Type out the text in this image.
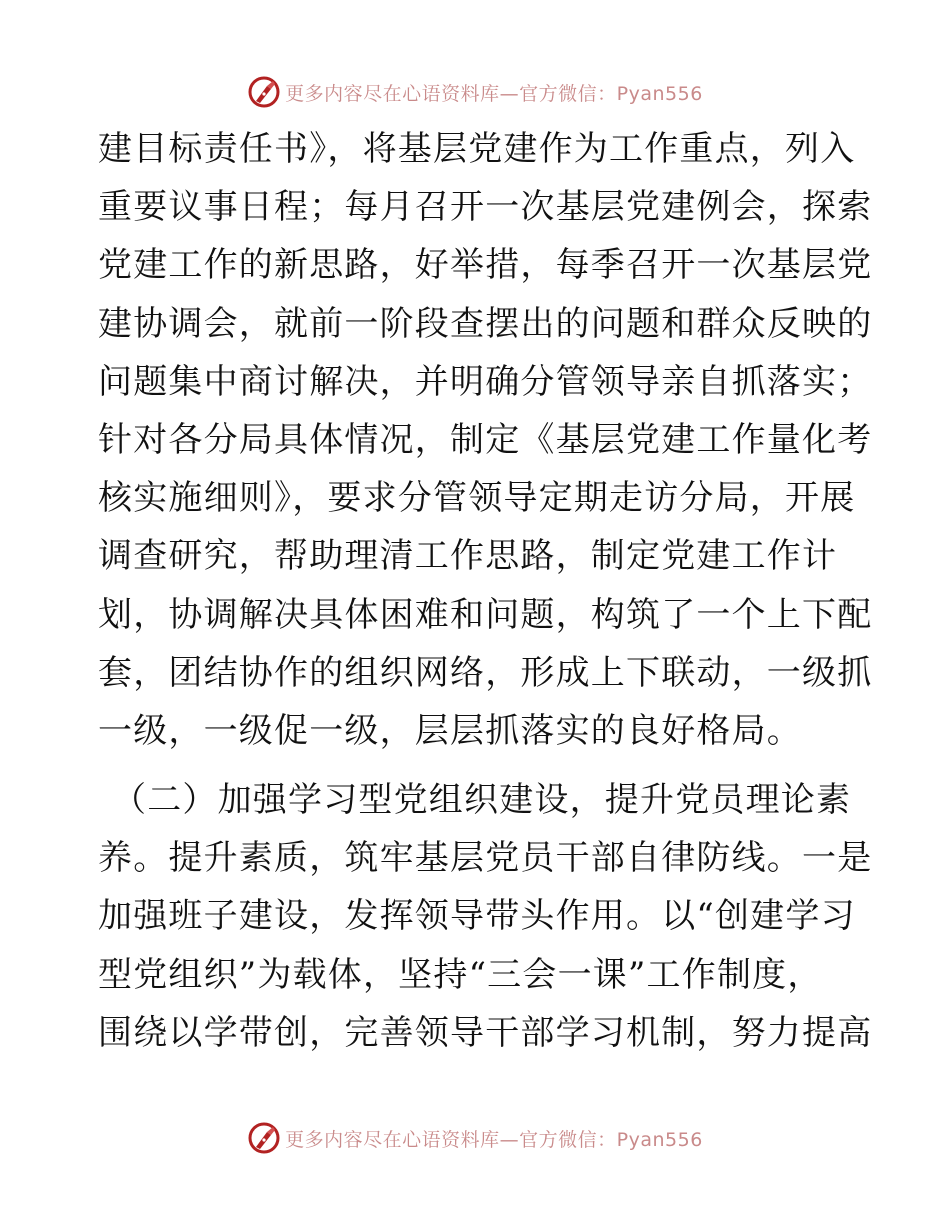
更多内容尽在心语资料库—官方微信：Pyan556
建目标责任书》，将基层党建作为工作重点，列入
重要议事日程；每月召开一次基层党建例会，探索
党建工作的新思路，好举措，每季召开一次基层党
建协调会，就前一阶段查摆出的问题和群众反映的
问题集中商讨解决，并明确分管领导亲自抓落实；
针对各分局具体情况，制定《基层党建工作量化考
核实施细则》，要求分管领导定期走访分局，开展
调查研究，帮助理清工作思路，制定党建工作计
划，协调解决具体困难和问题，构筑了一个上下配
套，团结协作的组织网络，形成上下联动，一级抓
一级，一级促一级，层层抓落实的良好格局。
（二）加强学习型党组织建设，提升党员理论素
养。提升素质，筑牢基层党员干部自律防线。一是
加强班子建设，发挥领导带头作用。以“创建学习
型党组织”为载体，坚持“三会一课”工作制度，
围绕以学带创，完善领导干部学习机制，努力提高
更多内容尽在心语资料库—官方微信：Pyan556
